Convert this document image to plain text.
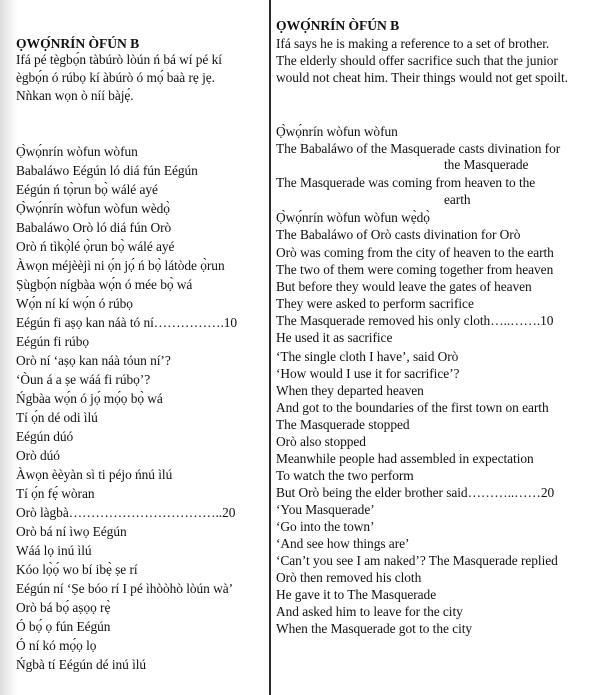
ỌWỌ́NRÍN ÒFÚN B
Ifá pé tègbọ́n tàbúrò lòún ń bá wí pé kí
ègbọ́n ó rúbọ kí àbúrò ó mọ́ baà rẹ jẹ.
Nǹkan wọn ò níí bàjẹ́.
Ọ̀wọ́nrín wòfun wòfun
Babaláwo Eégún ló diá fún Eégún
Eégún ń tọ̀run bọ̀ wálé ayé
Ọ̀wọ́nrín wòfun wòfun wèdọ̀
Babaláwo Orò ló diá fún Orò
Orò ń tìkọ̀lé ọ̀run bọ̀ wálé ayé
Àwọn méjèèjì ni ọ́n jọ́ ń bọ̀ látòde ọ̀run
Ṣùgbọ́n nígbàa wọ́n ó mée bọ̀ wá
Wọ́n ní kí wọ́n ó rúbọ
Eégún fi aṣọ kan náà tó ní…………….10
Eégún fi rúbọ
Orò ní ‘aṣọ kan náà tóun ní’?
‘Òun á a ṣe wáá fi rúbọ’?
Ńgbàa wọ́n ó jọ́ mọ́ọ bọ̀ wá
Tí ọ́n dé odi ìlú
Eégún dúó
Orò dúó
Àwọn èèyàn sì ti péjo ńnú ìlú
Tí ọ́n fẹ́ wòran
Orò làgbà……………………………..20
Orò bá ní ìwọ Eégún
Wáá lọ inú ìlú
Kóo lọ̀ọ́ wo bí ibẹ̀ ṣe rí
Eégún ní ‘Ṣe bóo rí I pé ìhòòhò lòún wà’
Orò bá bọ́ aṣọọ rẹ̀
Ó bọ́ ọ fún Eégún
Ó ní kó mọ́ọ lọ
Ńgbà tí Eégún dé inú ìlú
ỌWỌ́NRÍN ÒFÚN B
Ifá says he is making a reference to a set of brother.
The elderly should offer sacrifice such that the junior
would not cheat him. Their things would not get spoilt.
Ọ̀wọ́nrín wòfun wòfun
The Babaláwo of the Masquerade casts divination for
the Masquerade
The Masquerade was coming from heaven to the
earth
Ọ̀wọ́nrín wòfun wòfun wẹ̀dọ̀
The Babaláwo of Orò casts divination for Orò
Orò was coming from the city of heaven to the earth
The two of them were coming together from heaven
But before they would leave the gates of heaven
They were asked to perform sacrifice
The Masquerade removed his only cloth…..…….10
He used it as sacrifice
‘The single cloth I have’, said Orò
‘How would I use it for sacrifice’?
When they departed heaven
And got to the boundaries of the first town on earth
The Masquerade stopped
Orò also stopped
Meanwhile people had assembled in expectation
To watch the two perform
But Orò being the elder brother said………..……20
‘You Masquerade’
‘Go into the town’
‘And see how things are’
‘Can’t you see I am naked’? The Masquerade replied
Orò then removed his cloth
He gave it to The Masquerade
And asked him to leave for the city
When the Masquerade got to the city
